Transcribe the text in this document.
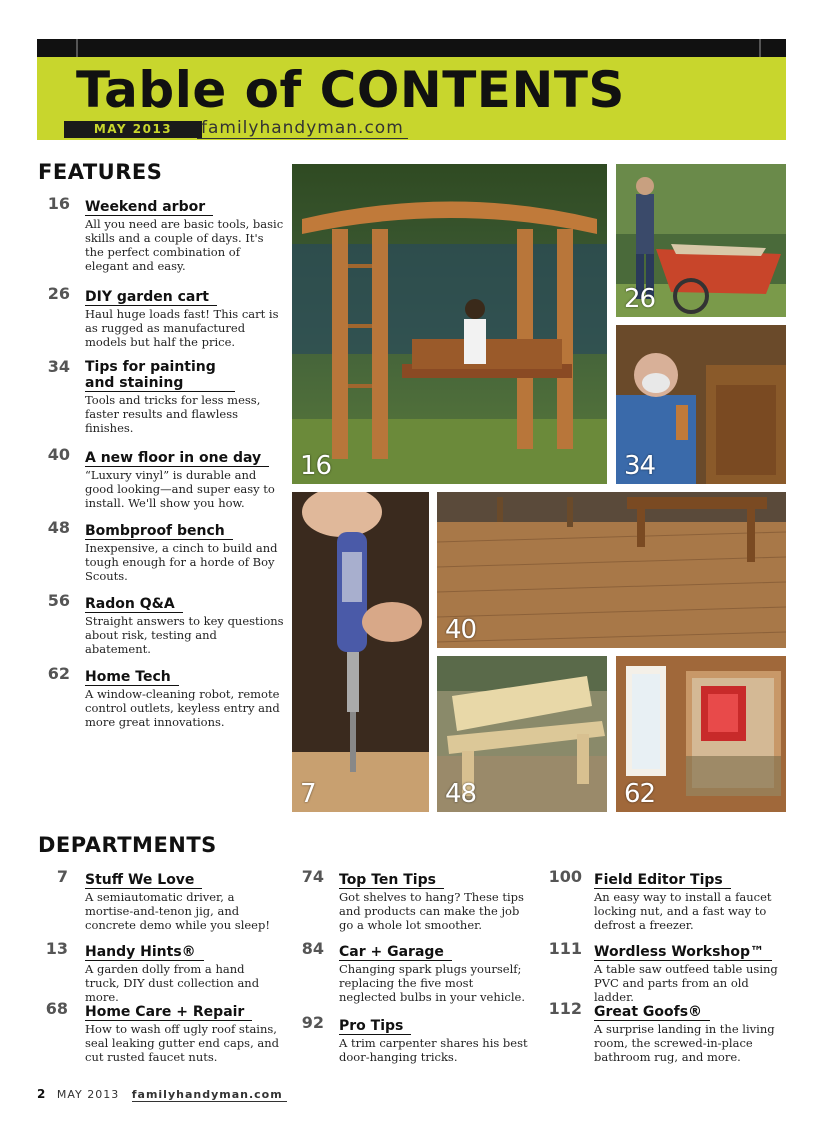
Table of CONTENTS
MAY 2013	familyhandyman.com
FEATURES
16 Weekend arbor
All you need are basic tools, basic skills and a couple of days. It's the perfect combination of elegant and easy.
26 DIY garden cart
Haul huge loads fast! This cart is as rugged as manufactured models but half the price.
34 Tips for painting and staining
Tools and tricks for less mess, faster results and flawless finishes.
40 A new floor in one day
“Luxury vinyl” is durable and good looking—and super easy to install. We'll show you how.
48 Bombproof bench
Inexpensive, a cinch to build and tough enough for a horde of Boy Scouts.
56 Radon Q&A
Straight answers to key questions about risk, testing and abatement.
62 Home Tech
A window-cleaning robot, remote control outlets, keyless entry and more great innovations.
16
26
34
7
40
48	62
DEPARTMENTS
7 Stuff We Love
A semiautomatic driver, a mortise-and-tenon jig, and concrete demo while you sleep!
13 Handy Hints®
A garden dolly from a hand truck, DIY dust collection and more.
68 Home Care + Repair
How to wash off ugly roof stains, seal leaking gutter end caps, and cut rusted faucet nuts.
74 Top Ten Tips
Got shelves to hang? These tips and products can make the job go a whole lot smoother.
84 Car + Garage
Changing spark plugs yourself; replacing the five most neglected bulbs in your vehicle.
92 Pro Tips
A trim carpenter shares his best door-hanging tricks.
100 Field Editor Tips
An easy way to install a faucet locking nut, and a fast way to defrost a freezer.
111 Wordless Workshop™
A table saw outfeed table using PVC and parts from an old ladder.
112 Great Goofs®
A surprise landing in the living room, the screwed-in-place bathroom rug, and more.
2 MAY 2013 familyhandyman.com
